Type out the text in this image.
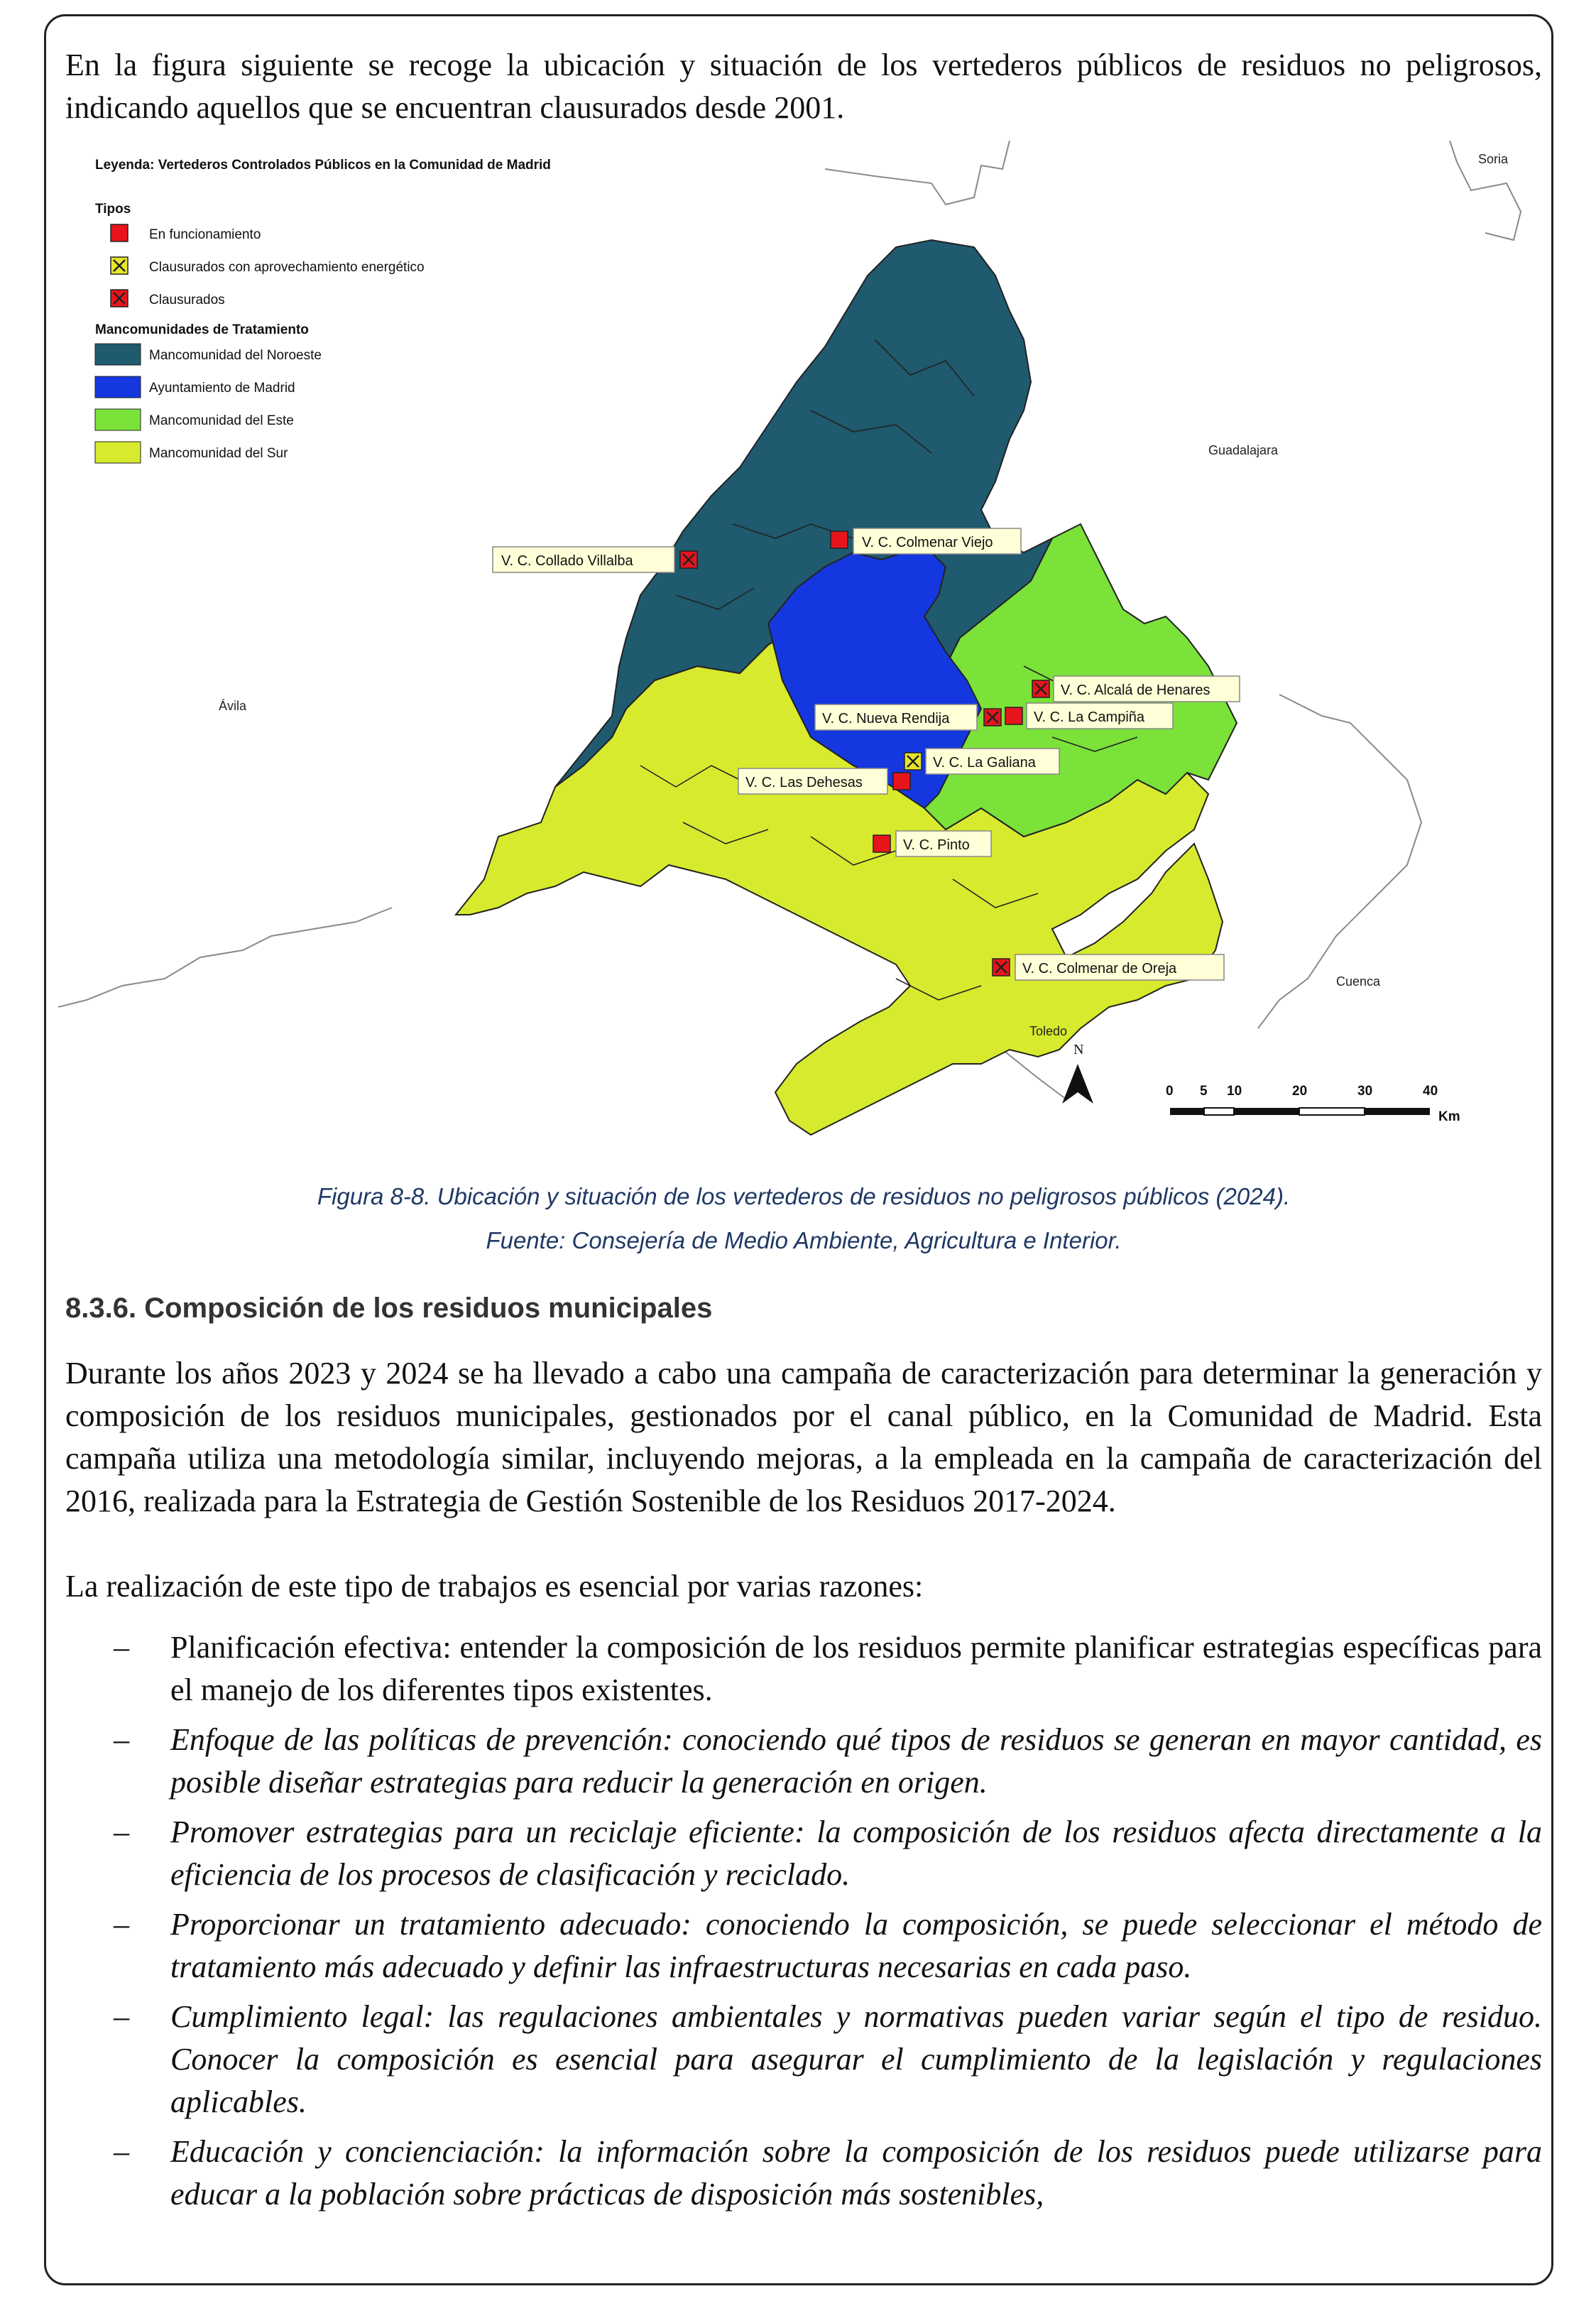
En la figura siguiente se recoge la ubicación y situación de los vertederos públicos de residuos no peligrosos, indicando aquellos que se encuentran clausurados desde 2001.

Leyenda: Vertederos Controlados Públicos en la Comunidad de Madrid
Tipos
En funcionamiento
Clausurados con aprovechamiento energético
Clausurados
Mancomunidades de Tratamiento
Mancomunidad del Noroeste
Ayuntamiento de Madrid
Mancomunidad del Este
Mancomunidad del Sur
Soria
Guadalajara
Ávila
Cuenca
Toledo
V. C. Collado Villalba
V. C. Colmenar Viejo
V. C. Alcalá de Henares
V. C. Nueva Rendija	V. C. La Campiña
V. C. La Galiana
V. C. Las Dehesas
V. C. Pinto
V. C. Colmenar de Oreja
N
0 5 10	20	30	40
Km

Figura 8-8. Ubicación y situación de los vertederos de residuos no peligrosos públicos (2024).

Fuente: Consejería de Medio Ambiente, Agricultura e Interior.

8.3.6. Composición de los residuos municipales

Durante los años 2023 y 2024 se ha llevado a cabo una campaña de caracterización para determinar la generación y composición de los residuos municipales, gestionados por el canal público, en la Comunidad de Madrid. Esta campaña utiliza una metodología similar, incluyendo mejoras, a la empleada en la campaña de caracterización del 2016, realizada para la Estrategia de Gestión Sostenible de los Residuos 2017-2024.

La realización de este tipo de trabajos es esencial por varias razones:

– Planificación efectiva: entender la composición de los residuos permite planificar estrategias específicas para el manejo de los diferentes tipos existentes.
– Enfoque de las políticas de prevención: conociendo qué tipos de residuos se generan en mayor cantidad, es posible diseñar estrategias para reducir la generación en origen.
– Promover estrategias para un reciclaje eficiente: la composición de los residuos afecta directamente a la eficiencia de los procesos de clasificación y reciclado.
– Proporcionar un tratamiento adecuado: conociendo la composición, se puede seleccionar el método de tratamiento más adecuado y definir las infraestructuras necesarias en cada paso.
– Cumplimiento legal: las regulaciones ambientales y normativas pueden variar según el tipo de residuo. Conocer la composición es esencial para asegurar el cumplimiento de la legislación y regulaciones aplicables.
– Educación y concienciación: la información sobre la composición de los residuos puede utilizarse para educar a la población sobre prácticas de disposición más sostenibles,
